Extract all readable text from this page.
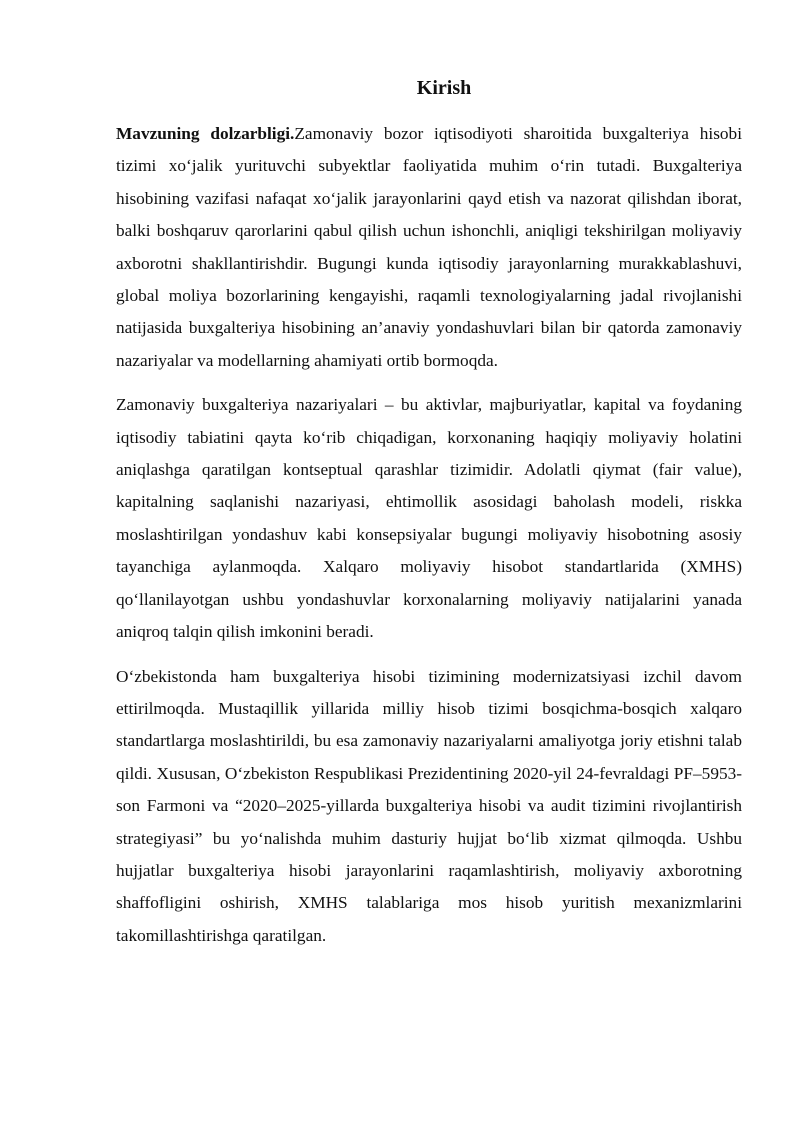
Kirish

Mavzuning dolzarbligi.Zamonaviy bozor iqtisodiyoti sharoitida buxgalteriya hisobi tizimi xo‘jalik yurituvchi subyektlar faoliyatida muhim o‘rin tutadi. Buxgalteriya hisobining vazifasi nafaqat xo‘jalik jarayonlarini qayd etish va nazorat qilishdan iborat, balki boshqaruv qarorlarini qabul qilish uchun ishonchli, aniqligi tekshirilgan moliyaviy axborotni shakllantirishdir. Bugungi kunda iqtisodiy jarayonlarning murakkablashuvi, global moliya bozorlarining kengayishi, raqamli texnologiyalarning jadal rivojlanishi natijasida buxgalteriya hisobining an’anaviy yondashuvlari bilan bir qatorda zamonaviy nazariyalar va modellarning ahamiyati ortib bormoqda.

Zamonaviy buxgalteriya nazariyalari – bu aktivlar, majburiyatlar, kapital va foydaning iqtisodiy tabiatini qayta ko‘rib chiqadigan, korxonaning haqiqiy moliyaviy holatini aniqlashga qaratilgan kontseptual qarashlar tizimidir. Adolatli qiymat (fair value), kapitalning saqlanishi nazariyasi, ehtimollik asosidagi baholash modeli, riskka moslashtirilgan yondashuv kabi konsepsiyalar bugungi moliyaviy hisobotning asosiy tayanchiga aylanmoqda. Xalqaro moliyaviy hisobot standartlarida (XMHS) qo‘llanilayotgan ushbu yondashuvlar korxonalarning moliyaviy natijalarini yanada aniqroq talqin qilish imkonini beradi.

O‘zbekistonda ham buxgalteriya hisobi tizimining modernizatsiyasi izchil davom ettirilmoqda. Mustaqillik yillarida milliy hisob tizimi bosqichma-bosqich xalqaro standartlarga moslashtirildi, bu esa zamonaviy nazariyalarni amaliyotga joriy etishni talab qildi. Xususan, O‘zbekiston Respublikasi Prezidentining 2020-yil 24-fevraldagi PF–5953-son Farmoni va “2020–2025-yillarda buxgalteriya hisobi va audit tizimini rivojlantirish strategiyasi” bu yo‘nalishda muhim dasturiy hujjat bo‘lib xizmat qilmoqda. Ushbu hujjatlar buxgalteriya hisobi jarayonlarini raqamlashtirish, moliyaviy axborotning shaffofligini oshirish, XMHS talablariga mos hisob yuritish mexanizmlarini takomillashtirishga qaratilgan.
